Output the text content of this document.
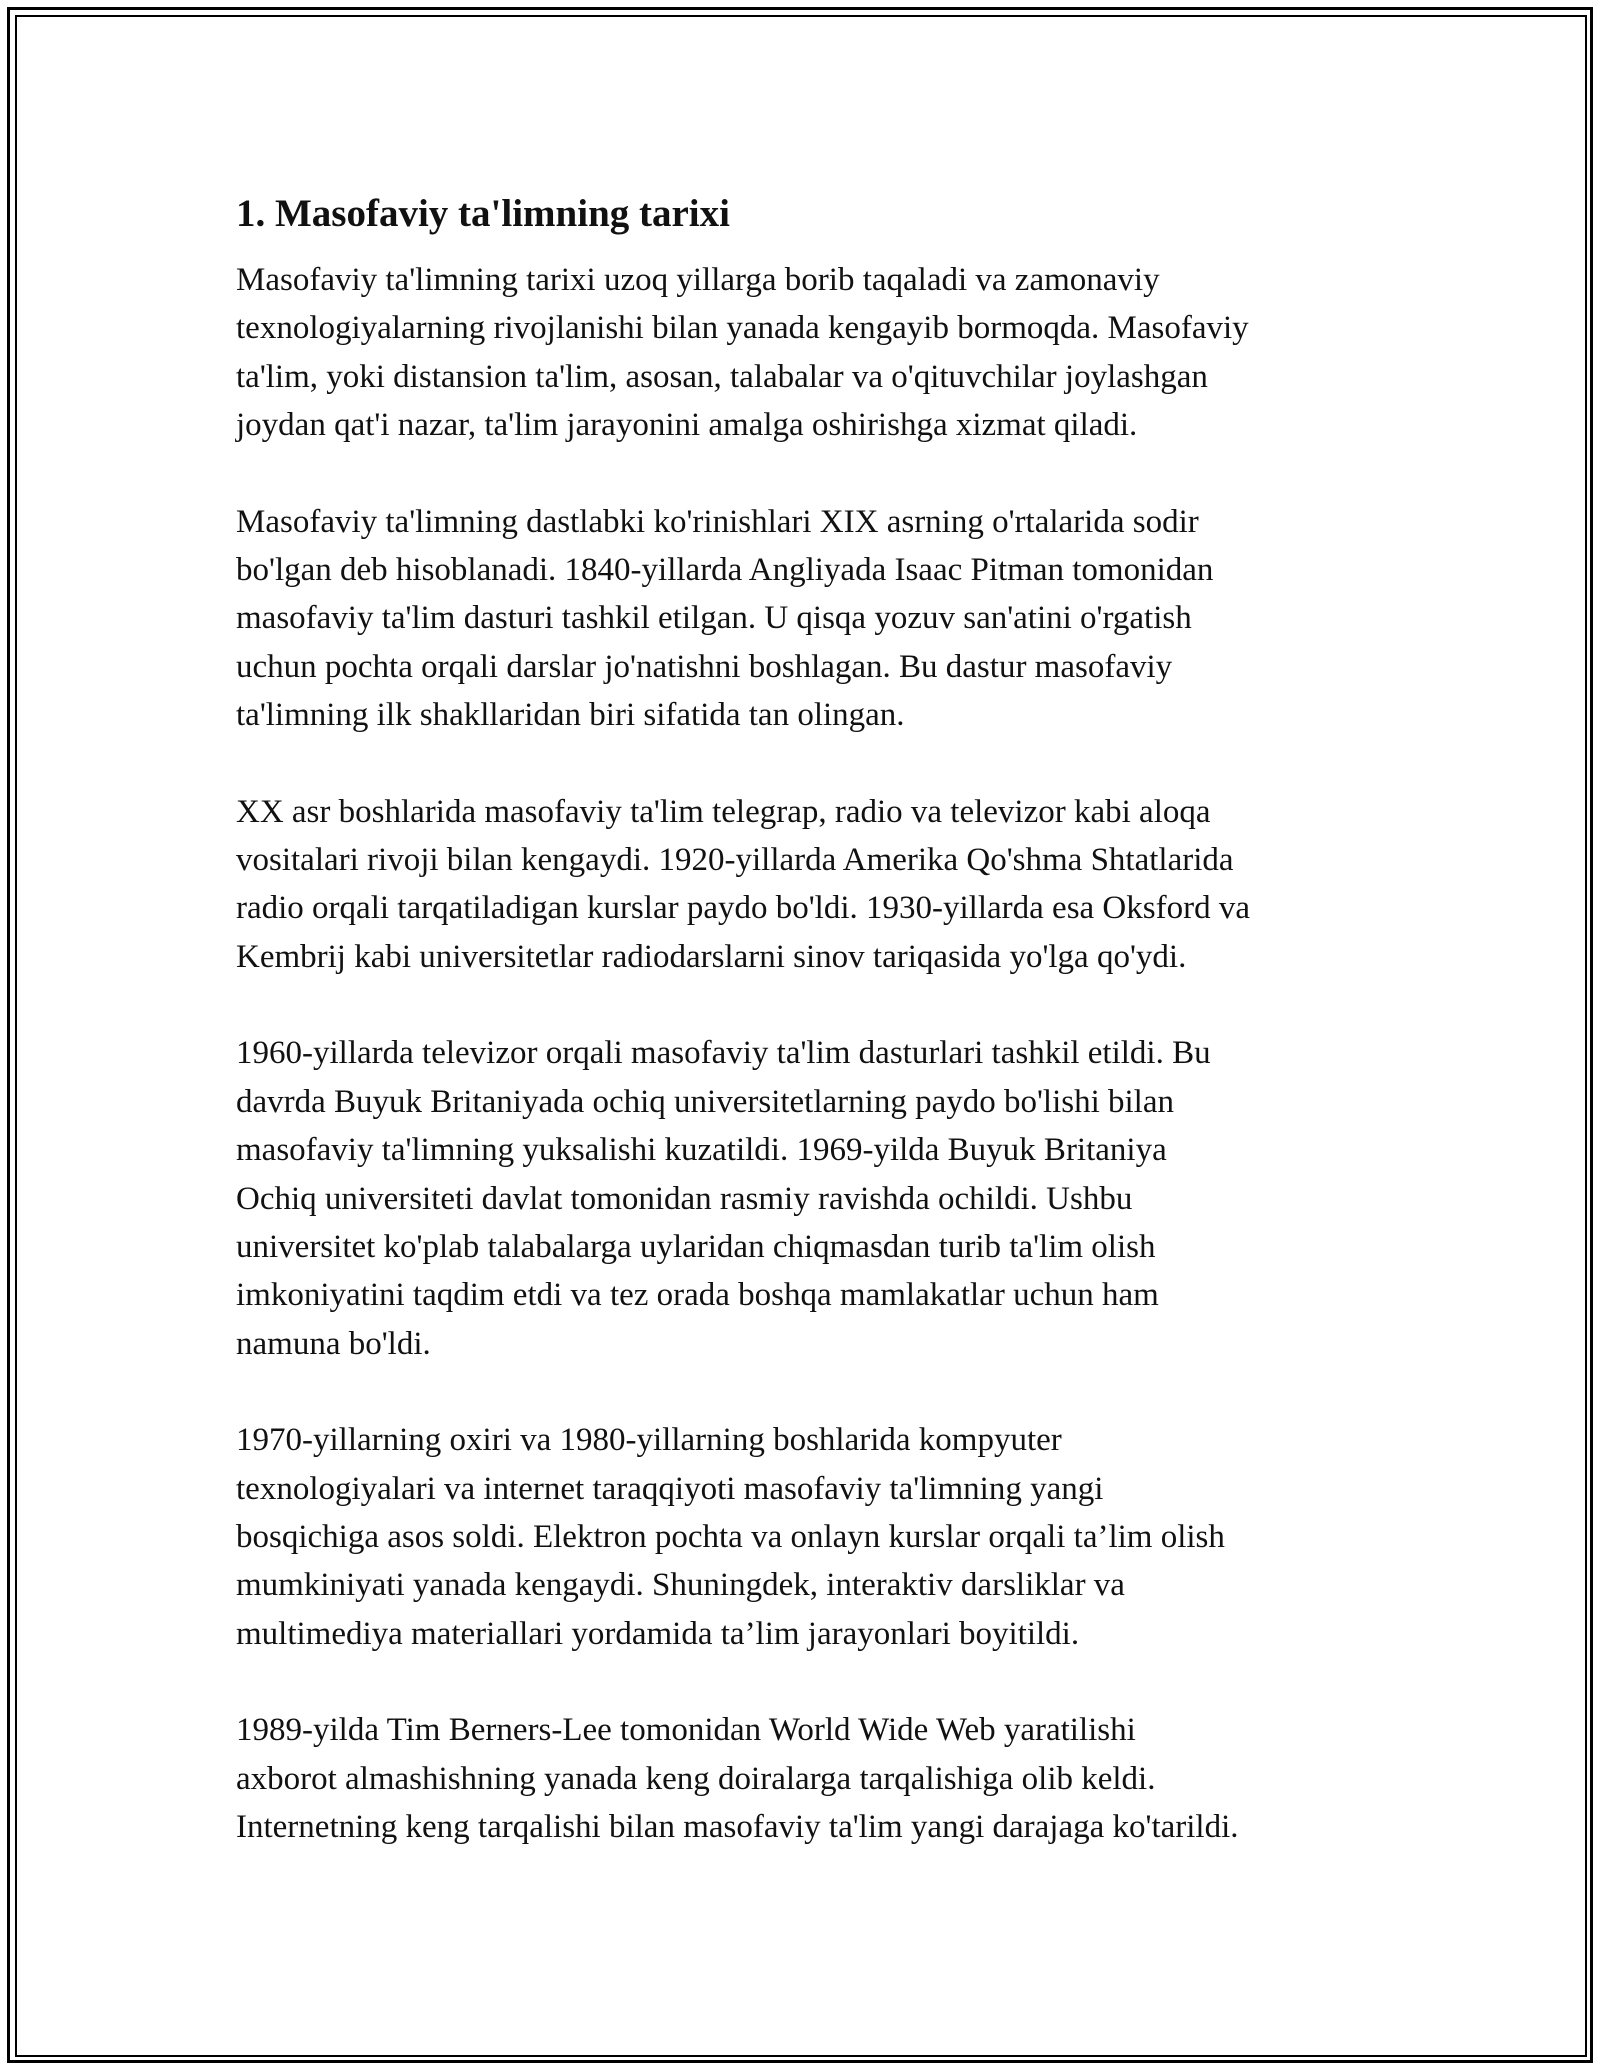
1. Masofaviy ta'limning tarixi

Masofaviy ta'limning tarixi uzoq yillarga borib taqaladi va zamonaviy
texnologiyalarning rivojlanishi bilan yanada kengayib bormoqda. Masofaviy
ta'lim, yoki distansion ta'lim, asosan, talabalar va o'qituvchilar joylashgan
joydan qat'i nazar, ta'lim jarayonini amalga oshirishga xizmat qiladi.

Masofaviy ta'limning dastlabki ko'rinishlari XIX asrning o'rtalarida sodir
bo'lgan deb hisoblanadi. 1840-yillarda Angliyada Isaac Pitman tomonidan
masofaviy ta'lim dasturi tashkil etilgan. U qisqa yozuv san'atini o'rgatish
uchun pochta orqali darslar jo'natishni boshlagan. Bu dastur masofaviy
ta'limning ilk shakllaridan biri sifatida tan olingan.

XX asr boshlarida masofaviy ta'lim telegrap, radio va televizor kabi aloqa
vositalari rivoji bilan kengaydi. 1920-yillarda Amerika Qo'shma Shtatlarida
radio orqali tarqatiladigan kurslar paydo bo'ldi. 1930-yillarda esa Oksford va
Kembrij kabi universitetlar radiodarslarni sinov tariqasida yo'lga qo'ydi.

1960-yillarda televizor orqali masofaviy ta'lim dasturlari tashkil etildi. Bu
davrda Buyuk Britaniyada ochiq universitetlarning paydo bo'lishi bilan
masofaviy ta'limning yuksalishi kuzatildi. 1969-yilda Buyuk Britaniya
Ochiq universiteti davlat tomonidan rasmiy ravishda ochildi. Ushbu
universitet ko'plab talabalarga uylaridan chiqmasdan turib ta'lim olish
imkoniyatini taqdim etdi va tez orada boshqa mamlakatlar uchun ham
namuna bo'ldi.

1970-yillarning oxiri va 1980-yillarning boshlarida kompyuter
texnologiyalari va internet taraqqiyoti masofaviy ta'limning yangi
bosqichiga asos soldi. Elektron pochta va onlayn kurslar orqali ta’lim olish
mumkiniyati yanada kengaydi. Shuningdek, interaktiv darsliklar va
multimediya materiallari yordamida ta’lim jarayonlari boyitildi.

1989-yilda Tim Berners-Lee tomonidan World Wide Web yaratilishi
axborot almashishning yanada keng doiralarga tarqalishiga olib keldi.
Internetning keng tarqalishi bilan masofaviy ta'lim yangi darajaga ko'tarildi.
